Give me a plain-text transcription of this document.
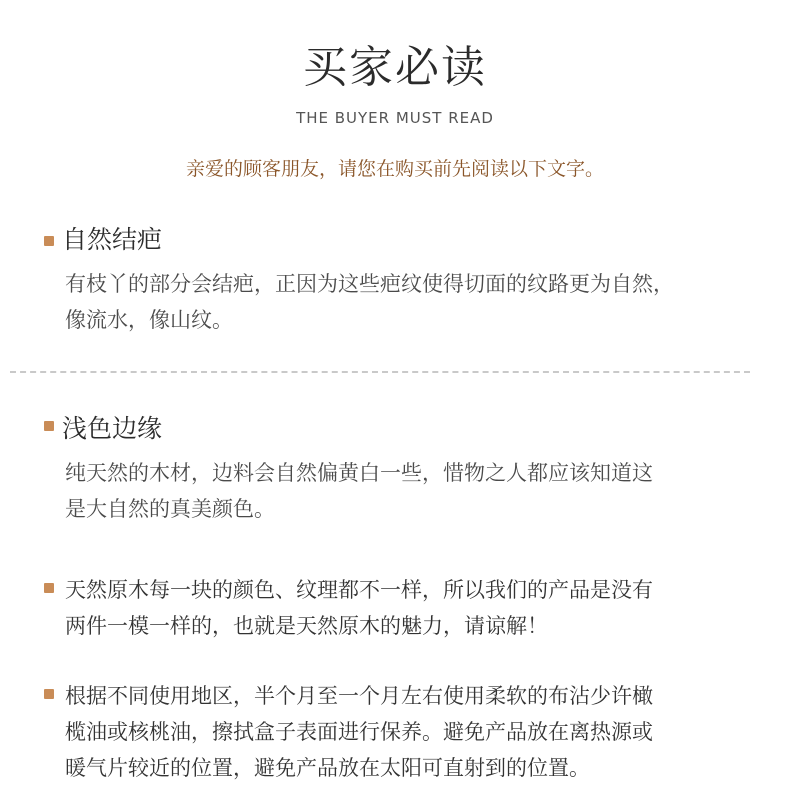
买家必读
THE BUYER MUST READ
亲爱的顾客朋友，请您在购买前先阅读以下文字。
自然结疤
有枝丫的部分会结疤，正因为这些疤纹使得切面的纹路更为自然，
像流水，像山纹。
浅色边缘
纯天然的木材，边料会自然偏黄白一些，惜物之人都应该知道这
是大自然的真美颜色。
天然原木每一块的颜色、纹理都不一样，所以我们的产品是没有
两件一模一样的，也就是天然原木的魅力，请谅解！
根据不同使用地区，半个月至一个月左右使用柔软的布沾少许橄
榄油或核桃油，擦拭盒子表面进行保养。避免产品放在离热源或
暖气片较近的位置，避免产品放在太阳可直射到的位置。
